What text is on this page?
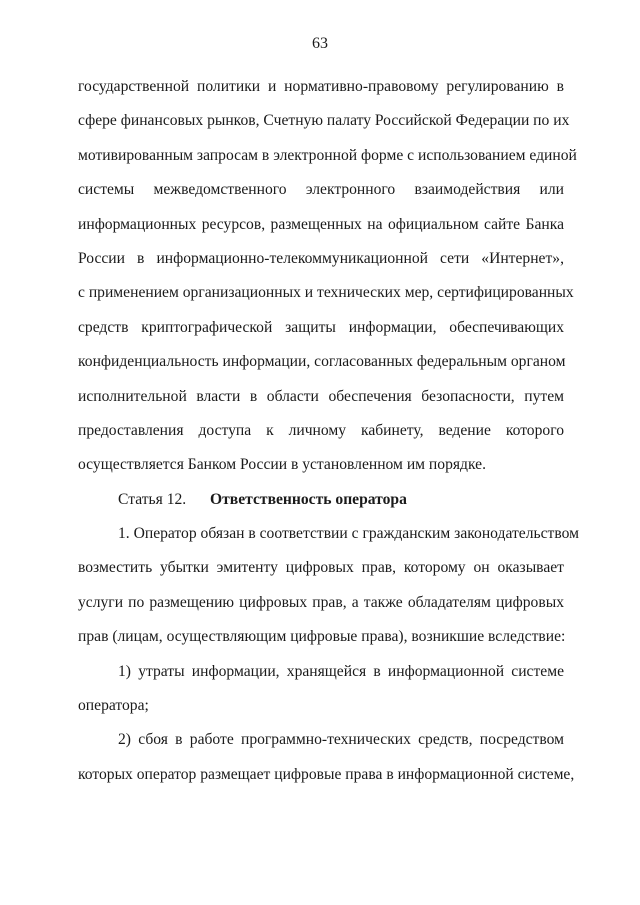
63
государственной политики и нормативно-правовому регулированию в
сфере финансовых рынков, Счетную палату Российской Федерации по их
мотивированным запросам в электронной форме с использованием единой
системы межведомственного электронного взаимодействия или
информационных ресурсов, размещенных на официальном сайте Банка
России в информационно-телекоммуникационной сети «Интернет»,
с применением организационных и технических мер, сертифицированных
средств криптографической защиты информации, обеспечивающих
конфиденциальность информации, согласованных федеральным органом
исполнительной власти в области обеспечения безопасности, путем
предоставления доступа к личному кабинету, ведение которого
осуществляется Банком России в установленном им порядке.
Статья 12. Ответственность оператора
1. Оператор обязан в соответствии с гражданским законодательством
возместить убытки эмитенту цифровых прав, которому он оказывает
услуги по размещению цифровых прав, а также обладателям цифровых
прав (лицам, осуществляющим цифровые права), возникшие вследствие:
1) утраты информации, хранящейся в информационной системе
оператора;
2) сбоя в работе программно-технических средств, посредством
которых оператор размещает цифровые права в информационной системе,
